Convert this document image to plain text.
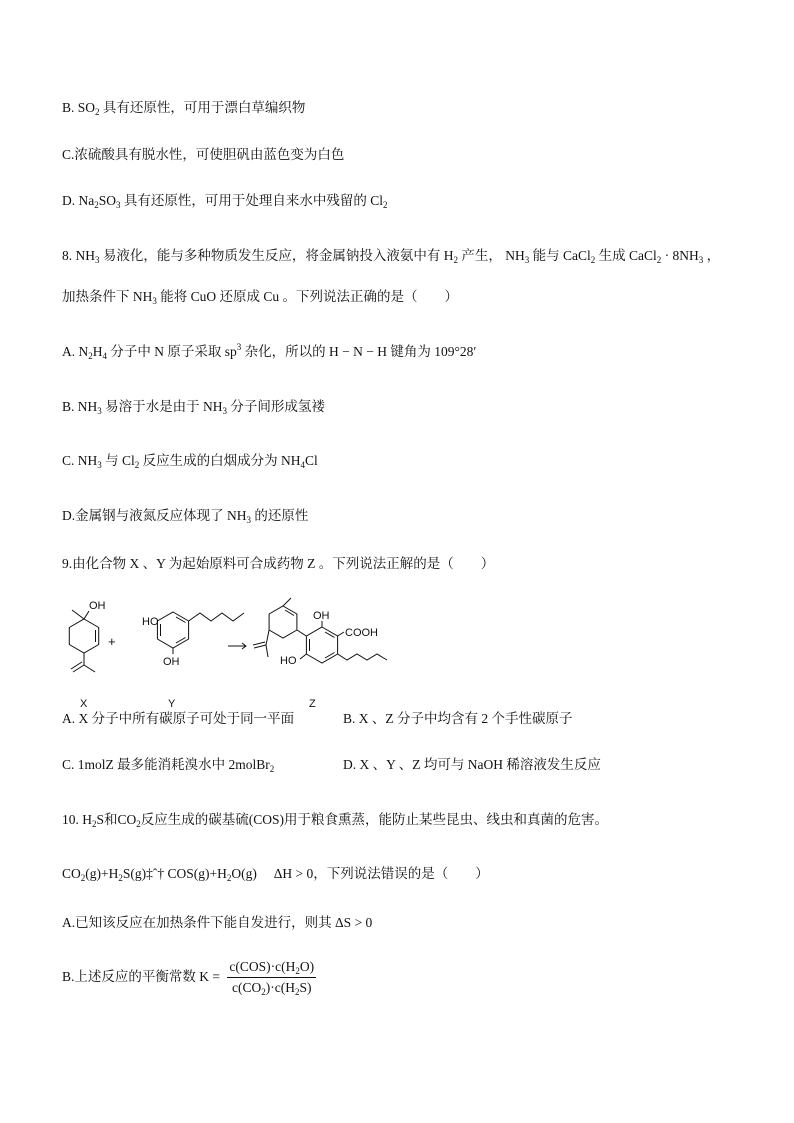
B. $SO_2$ 具有还原性，可用于漂白草编织物
C.浓硫酸具有脱水性，可使胆矾由蓝色变为白色
D. $Na_2SO_3$ 具有还原性，可用于处理自来水中残留的 $Cl_2$
8. $NH_3$ 易液化，能与多种物质发生反应，将金属钠投入液氨中有 $H_2$ 产生， $NH_3$ 能与 CaCl$_2$ 生成 CaCl$_2$ · $8NH_3$ ，
加热条件下 $NH_3$ 能将 CuO 还原成 Cu 。下列说法正确的是（　　）
A. $N_2H_4$ 分子中 N 原子采取 $sp^3$ 杂化，所以的 H − N − H 键角为 109°28′
B. $NH_3$ 易溶于水是由于 $NH_3$ 分子间形成氢褛
C. $NH_3$ 与 $Cl_2$ 反应生成的白烟成分为 $NH_4Cl$
D.金属钢与液氮反应体现了 $NH_3$ 的还原性
9.由化合物 X 、Y 为起始原料可合成药物 Z 。下列说法正解的是（　　）
OH
X
+
OH
HO
Y
OH
COOH
HO
Z
A. X 分子中所有碳原子可处于同一平面	B. X 、Z 分子中均含有 2 个手性碳原子
C. 1molZ 最多能消耗溴水中 2molBr$_2$	D. X 、Y 、Z 均可与 NaOH 稀溶液发生反应
10. $H_2S$和$CO_2$反应生成的碳基硫(COS)用于粮食熏蒸，能防止某些昆虫、线虫和真菌的危害。
$CO_2(g)+H_2S(g)\ddagger ˆ\dagger$ $COS(g)+H_2O(g)$　 ΔH > 0，下列说法错误的是（　　）
A.已知该反应在加热条件下能自发进行，则其 ΔS > 0
B.上述反应的平衡常数 $K = \frac{c(COS)\cdot c(H_2O)}{c(CO_2)\cdot c(H_2S)}$
